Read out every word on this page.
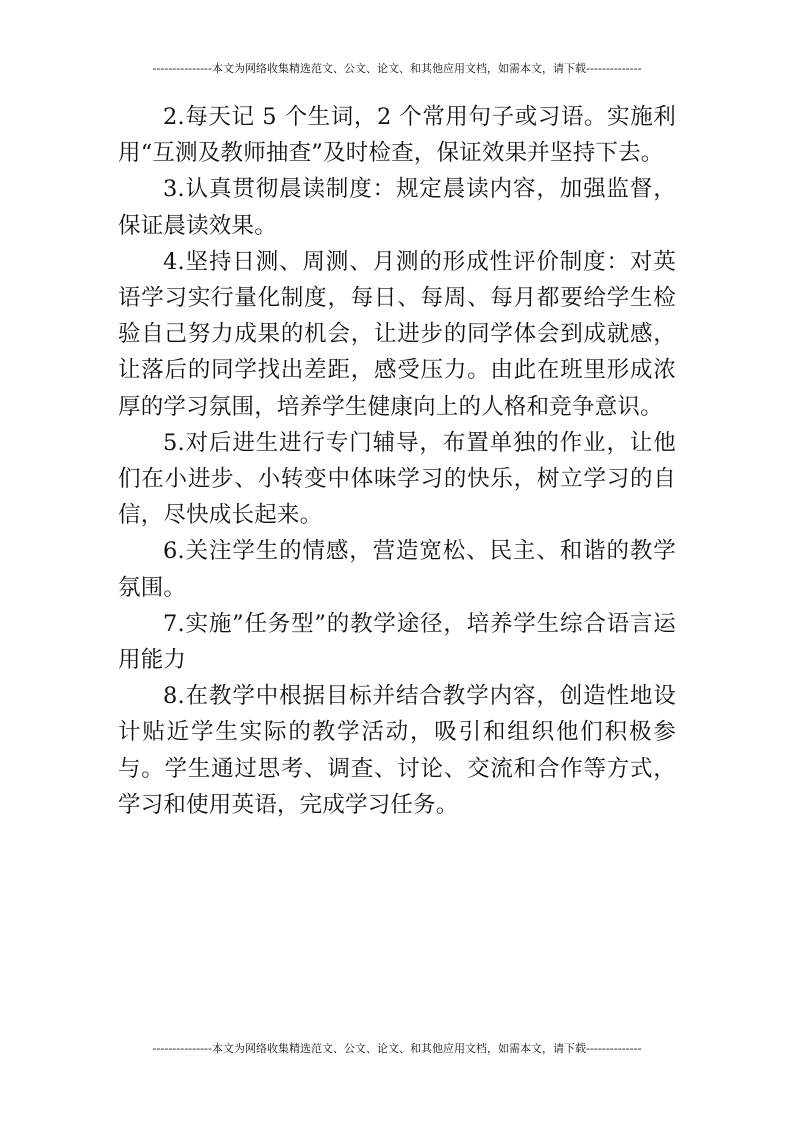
---------------本文为网络收集精选范文、公文、论文、和其他应用文档，如需本文，请下载--------------

2.每天记 5 个生词，2 个常用句子或习语。实施利用“互测及教师抽查”及时检查，保证效果并坚持下去。

3.认真贯彻晨读制度：规定晨读内容，加强监督，保证晨读效果。

4.坚持日测、周测、月测的形成性评价制度：对英语学习实行量化制度，每日、每周、每月都要给学生检验自己努力成果的机会，让进步的同学体会到成就感，让落后的同学找出差距，感受压力。由此在班里形成浓厚的学习氛围，培养学生健康向上的人格和竞争意识。

5.对后进生进行专门辅导，布置单独的作业，让他们在小进步、小转变中体味学习的快乐，树立学习的自信，尽快成长起来。

6.关注学生的情感，营造宽松、民主、和谐的教学氛围。

7.实施”任务型”的教学途径，培养学生综合语言运用能力

8.在教学中根据目标并结合教学内容，创造性地设计贴近学生实际的教学活动，吸引和组织他们积极参与。学生通过思考、调查、讨论、交流和合作等方式，学习和使用英语，完成学习任务。

---------------本文为网络收集精选范文、公文、论文、和其他应用文档，如需本文，请下载--------------
